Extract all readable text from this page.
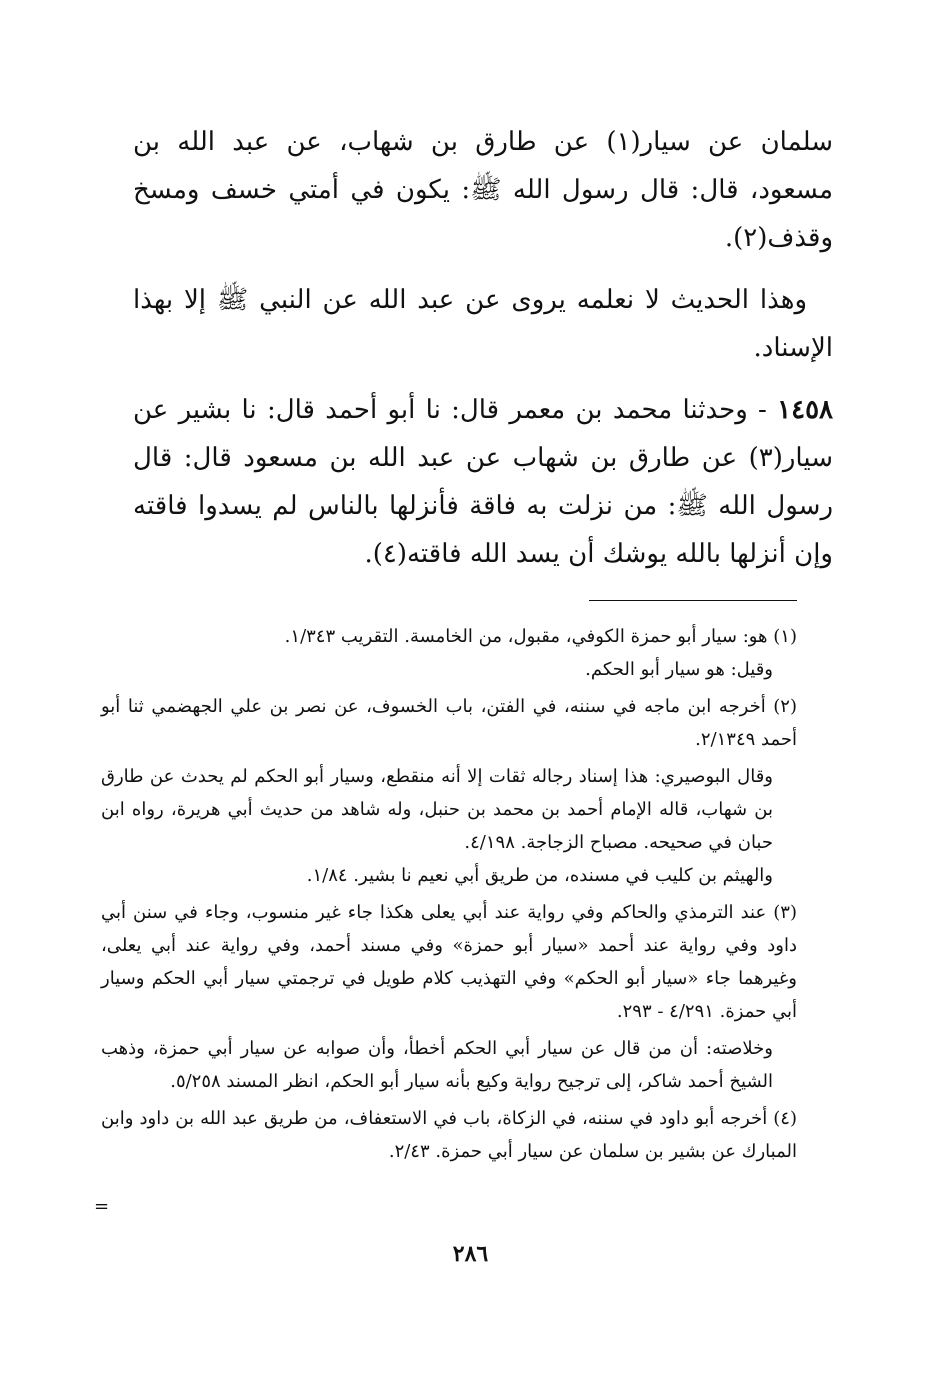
سلمان عن سيار(١) عن طارق بن شهاب، عن عبد الله بن مسعود، قال: قال رسول الله ﷺ: يكون في أمتي خسف ومسخ وقذف(٢).

وهذا الحديث لا نعلمه يروى عن عبد الله عن النبي ﷺ إلا بهذا الإسناد.

١٤٥٨ - وحدثنا محمد بن معمر قال: نا أبو أحمد قال: نا بشير عن سيار(٣) عن طارق بن شهاب عن عبد الله بن مسعود قال: قال رسول الله ﷺ: من نزلت به فاقة فأنزلها بالناس لم يسدوا فاقته وإن أنزلها بالله يوشك أن يسد الله فاقته(٤).

(١) هو: سيار أبو حمزة الكوفي، مقبول، من الخامسة. التقريب ١/٣٤٣.

وقيل: هو سيار أبو الحكم.

(٢) أخرجه ابن ماجه في سننه، في الفتن، باب الخسوف، عن نصر بن علي الجهضمي ثنا أبو أحمد ٢/١٣٤٩.

وقال البوصيري: هذا إسناد رجاله ثقات إلا أنه منقطع، وسيار أبو الحكم لم يحدث عن طارق بن شهاب، قاله الإمام أحمد بن محمد بن حنبل، وله شاهد من حديث أبي هريرة، رواه ابن حبان في صحيحه. مصباح الزجاجة. ٤/١٩٨.

والهيثم بن كليب في مسنده، من طريق أبي نعيم نا بشير. ١/٨٤.

(٣) عند الترمذي والحاكم وفي رواية عند أبي يعلى هكذا جاء غير منسوب، وجاء في سنن أبي داود وفي رواية عند أحمد «سيار أبو حمزة» وفي مسند أحمد، وفي رواية عند أبي يعلى، وغيرهما جاء «سيار أبو الحكم» وفي التهذيب كلام طويل في ترجمتي سيار أبي الحكم وسيار أبي حمزة. ٤/٢٩١ - ٢٩٣.

وخلاصته: أن من قال عن سيار أبي الحكم أخطأ، وأن صوابه عن سيار أبي حمزة، وذهب الشيخ أحمد شاكر، إلى ترجيح رواية وكيع بأنه سيار أبو الحكم، انظر المسند ٥/٢٥٨.

(٤) أخرجه أبو داود في سننه، في الزكاة، باب في الاستعفاف، من طريق عبد الله بن داود وابن المبارك عن بشير بن سلمان عن سيار أبي حمزة. ٢/٤٣.

=
٢٨٦
